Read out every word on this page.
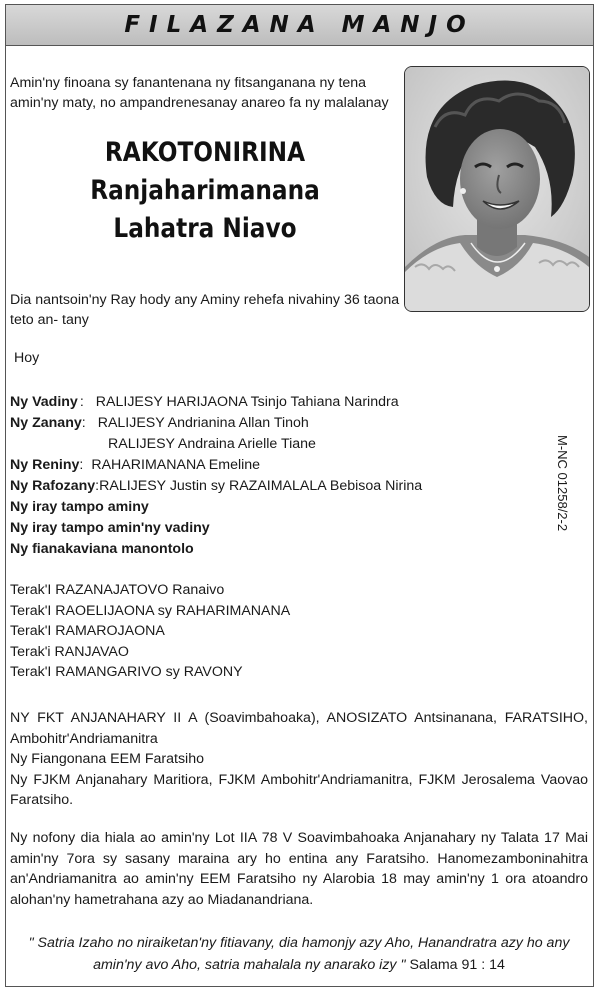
FILAZANA MANJO
Amin'ny finoana sy fanantenana ny fitsanganana ny tena amin'ny maty, no ampandrenesanay anareo fa ny malalanay
RAKOTONIRINA
Ranjaharimanana
Lahatra Niavo
Dia nantsoin'ny Ray hody any Aminy rehefa nivahiny 36 taona teto an- tany
Hoy
Ny Vadiny:RALIJESY HARIJAONA Tsinjo Tahiana Narindra
Ny Zanany:RALIJESY Andrianina Allan Tinoh
RALIJESY Andraina Arielle Tiane
Ny Reniny:RAHARIMANANA Emeline
Ny Rafozany:RALIJESY Justin sy RAZAIMALALA Bebisoa Nirina
Ny iray tampo aminy
Ny iray tampo amin'ny vadiny
Ny fianakaviana manontolo
Terak'I RAZANAJATOVO Ranaivo
Terak'I RAOELIJAONA sy RAHARIMANANA
Terak'I RAMAROJAONA
Terak'i RANJAVAO
Terak'I RAMANGARIVO sy RAVONY
NY FKT ANJANAHARY II A (Soavimbahoaka), ANOSIZATO Antsinanana, FARATSIHO, Ambohitr'Andriamanitra
Ny Fiangonana EEM Faratsiho
Ny FJKM Anjanahary Maritiora, FJKM Ambohitr'Andriamanitra, FJKM Jerosalema Vaovao Faratsiho.
Ny nofony dia hiala ao amin'ny Lot IIA 78 V Soavimbahoaka Anjanahary ny Talata 17 Mai amin'ny 7ora sy sasany maraina ary ho entina any Faratsiho. Hanomezamboninahitra an'Andriamanitra ao amin'ny EEM Faratsiho ny Alarobia 18 may amin'ny 1 ora atoandro alohan'ny hametrahana azy ao Miadanandriana.
" Satria Izaho no niraiketan'ny fitiavany, dia hamonjy azy Aho, Hanandratra azy ho any amin'ny avo Aho, satria mahalala ny anarako izy " Salama 91 : 14
M-NC 01258/2-2
